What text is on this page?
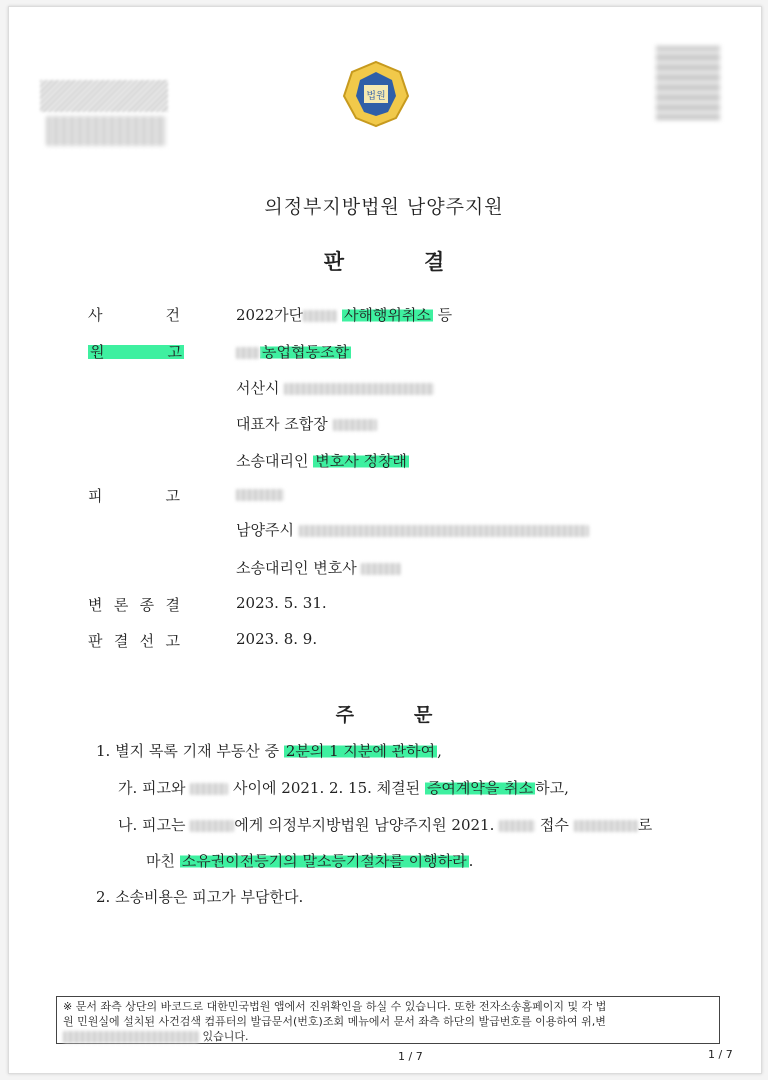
법원
의정부지방법원 남양주지원
판	결
사	건	2022가단	사해행위취소 등
원	고	농업협동조합
서산시
대표자 조합장
소송대리인 변호사 정창래
피	고
남양주시
소송대리인 변호사
변 론 종 결	2023. 5. 31.
판 결 선 고	2023. 8. 9.
주	문
1. 별지 목록 기재 부동산 중 2분의 1 지분에 관하여 ,
가. 피고와	사이에 2021. 2. 15. 체결된 증여계약을 취소 하고,
나. 피고는	에게 의정부지방법원 남양주지원 2021.  접수	로
마친 소유권이전등기의 말소등기절차를 이행하라 .
2. 소송비용은 피고가 부담한다.
※ 문서 좌측 상단의 바코드로 대한민국법원 앱에서 진위확인을 하실 수 있습니다. 또한 전자소송홈페이지 및 각 법
원 민원실에 설치된 사건검색 컴퓨터의 발급문서(번호)조회 메뉴에서 문서 좌측 하단의 발급번호를 이용하여 위,변
있습니다.
1 / 7	1 / 7
